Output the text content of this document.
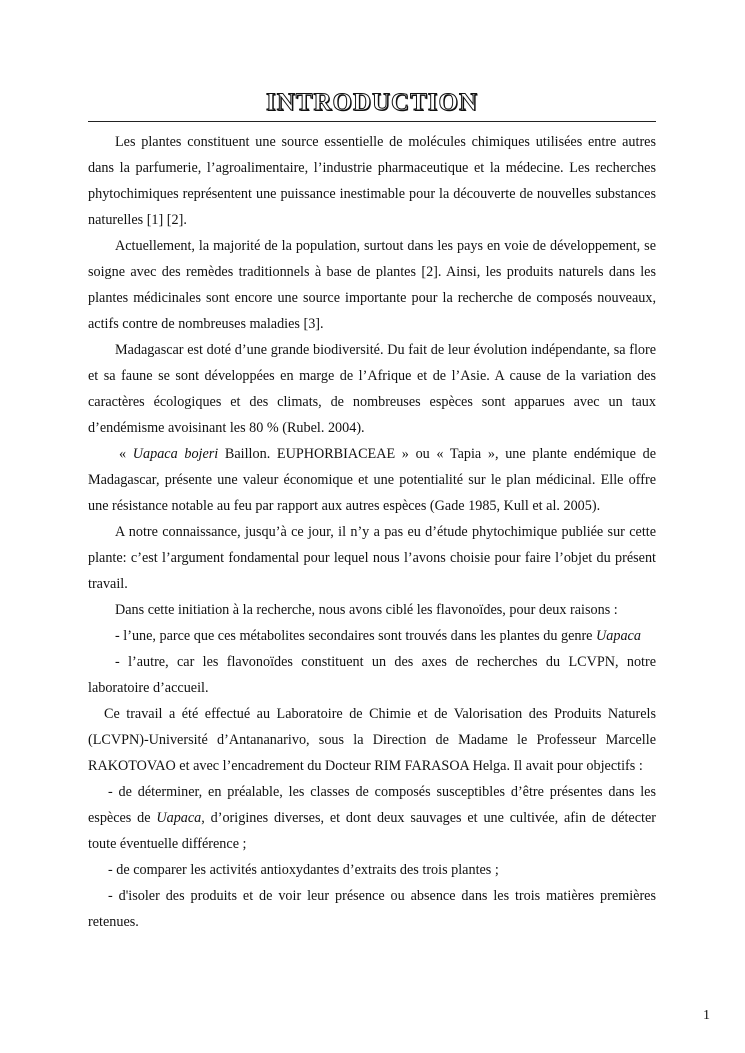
INTRODUCTION

Les plantes constituent une source essentielle de molécules chimiques utilisées entre autres dans la parfumerie, l’agroalimentaire, l’industrie pharmaceutique et la médecine. Les recherches phytochimiques représentent une puissance inestimable pour la découverte de nouvelles substances naturelles [1] [2].

Actuellement, la majorité de la population, surtout dans les pays en voie de développement, se soigne avec des remèdes traditionnels à base de plantes [2]. Ainsi, les produits naturels dans les plantes médicinales sont encore une source importante pour la recherche de composés nouveaux, actifs contre de nombreuses maladies [3].

Madagascar est doté d’une grande biodiversité. Du fait de leur évolution indépendante, sa flore et sa faune se sont développées en marge de l’Afrique et de l’Asie. A cause de la variation des caractères écologiques et des climats, de nombreuses espèces sont apparues avec un taux d’endémisme avoisinant les 80 % (Rubel. 2004).

« Uapaca bojeri Baillon. EUPHORBIACEAE » ou « Tapia », une plante endémique de Madagascar, présente une valeur économique et une potentialité sur le plan médicinal. Elle offre une résistance notable au feu par rapport aux autres espèces (Gade 1985, Kull et al. 2005).

A notre connaissance, jusqu’à ce jour, il n’y a pas eu d’étude phytochimique publiée sur cette plante: c’est l’argument fondamental pour lequel nous l’avons choisie pour faire l’objet du présent travail.

Dans cette initiation à la recherche, nous avons ciblé les flavonoïdes, pour deux raisons :

- l’une, parce que ces métabolites secondaires sont trouvés dans les plantes du genre Uapaca

- l’autre, car les flavonoïdes constituent un des axes de recherches du LCVPN, notre laboratoire d’accueil.

Ce travail a été effectué au Laboratoire de Chimie et de Valorisation des Produits Naturels (LCVPN)-Université d’Antananarivo, sous la Direction de Madame le Professeur Marcelle RAKOTOVAO et avec l’encadrement du Docteur RIM FARASOA Helga. Il avait pour objectifs :

- de déterminer, en préalable, les classes de composés susceptibles d’être présentes dans les espèces de Uapaca, d’origines diverses, et dont deux sauvages et une cultivée, afin de détecter toute éventuelle différence ;

- de comparer les activités antioxydantes d’extraits des trois plantes ;

- d'isoler des produits et de voir leur présence ou absence dans les trois matières premières retenues.

1
